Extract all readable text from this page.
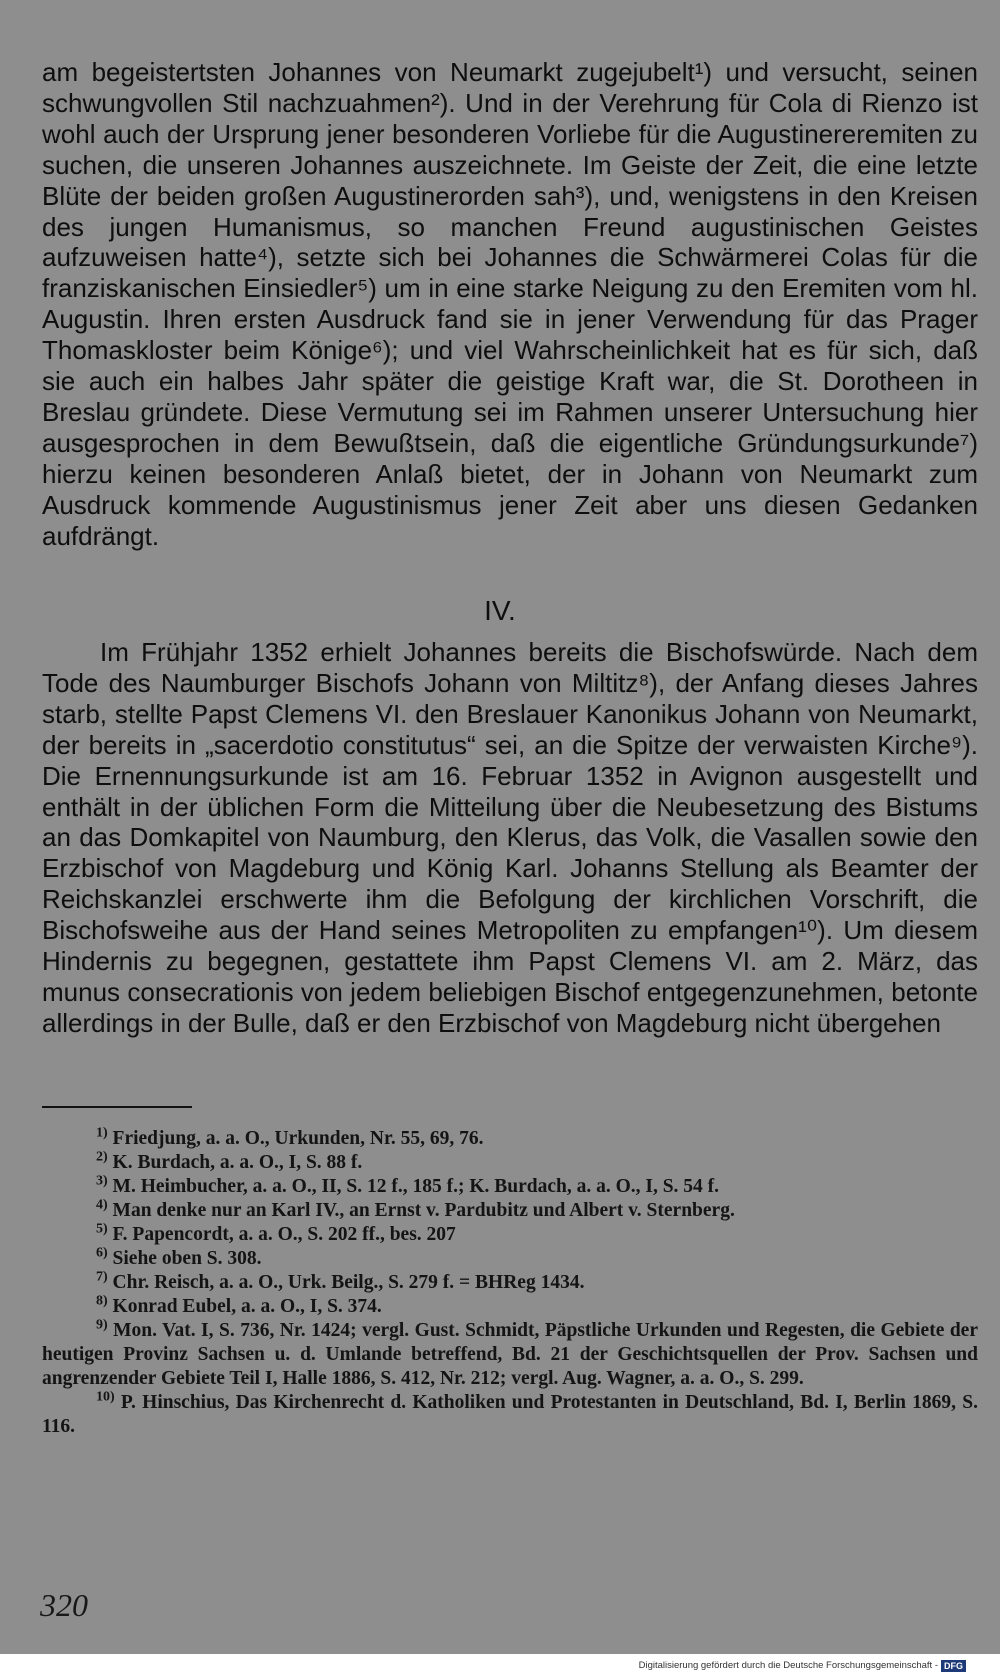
am begeistertsten Johannes von Neumarkt zugejubelt¹) und versucht, seinen schwungvollen Stil nachzuahmen²). Und in der Verehrung für Cola di Rienzo ist wohl auch der Ursprung jener besonderen Vorliebe für die Augustinereremiten zu suchen, die unseren Johannes auszeichnete. Im Geiste der Zeit, die eine letzte Blüte der beiden großen Augustinerorden sah³), und, wenigstens in den Kreisen des jungen Humanismus, so manchen Freund augustinischen Geistes aufzuweisen hatte⁴), setzte sich bei Johannes die Schwärmerei Colas für die franziskanischen Einsiedler⁵) um in eine starke Neigung zu den Eremiten vom hl. Augustin. Ihren ersten Ausdruck fand sie in jener Verwendung für das Prager Thomaskloster beim Könige⁶); und viel Wahrscheinlichkeit hat es für sich, daß sie auch ein halbes Jahr später die geistige Kraft war, die St. Dorotheen in Breslau gründete. Diese Vermutung sei im Rahmen unserer Untersuchung hier ausgesprochen in dem Bewußtsein, daß die eigentliche Gründungsurkunde⁷) hierzu keinen besonderen Anlaß bietet, der in Johann von Neumarkt zum Ausdruck kommende Augustinismus jener Zeit aber uns diesen Gedanken aufdrängt.

IV.

Im Frühjahr 1352 erhielt Johannes bereits die Bischofswürde. Nach dem Tode des Naumburger Bischofs Johann von Miltitz⁸), der Anfang dieses Jahres starb, stellte Papst Clemens VI. den Breslauer Kanonikus Johann von Neumarkt, der bereits in „sacerdotio constitutus“ sei, an die Spitze der verwaisten Kirche⁹). Die Ernennungsurkunde ist am 16. Februar 1352 in Avignon ausgestellt und enthält in der üblichen Form die Mitteilung über die Neubesetzung des Bistums an das Domkapitel von Naumburg, den Klerus, das Volk, die Vasallen sowie den Erzbischof von Magdeburg und König Karl. Johanns Stellung als Beamter der Reichskanzlei erschwerte ihm die Befolgung der kirchlichen Vorschrift, die Bischofsweihe aus der Hand seines Metropoliten zu empfangen¹⁰). Um diesem Hindernis zu begegnen, gestattete ihm Papst Clemens VI. am 2. März, das munus consecrationis von jedem beliebigen Bischof entgegenzunehmen, betonte allerdings in der Bulle, daß er den Erzbischof von Magdeburg nicht übergehen

$^{1)}$ Friedjung, a. a. O., Urkunden, Nr. 55, 69, 76.
$^{2)}$ K. Burdach, a. a. O., I, S. 88 f.
$^{3)}$ M. Heimbucher, a. a. O., II, S. 12 f., 185 f.; K. Burdach, a. a. O., I, S. 54 f.
$^{4)}$ Man denke nur an Karl IV., an Ernst v. Pardubitz und Albert v. Sternberg.
$^{5)}$ F. Papencordt, a. a. O., S. 202 ff., bes. 207
$^{6)}$ Siehe oben S. 308.
$^{7)}$ Chr. Reisch, a. a. O., Urk. Beilg., S. 279 f. = BHReg 1434.
$^{8)}$ Konrad Eubel, a. a. O., I, S. 374.
$^{9)}$ Mon. Vat. I, S. 736, Nr. 1424; vergl. Gust. Schmidt, Päpstliche Urkunden und Regesten, die Gebiete der heutigen Provinz Sachsen u. d. Umlande betreffend, Bd. 21 der Geschichtsquellen der Prov. Sachsen und angrenzender Gebiete Teil I, Halle 1886, S. 412, Nr. 212; vergl. Aug. Wagner, a. a. O., S. 299.
$^{10)}$ P. Hinschius, Das Kirchenrecht d. Katholiken und Protestanten in Deutschland, Bd. I, Berlin 1869, S. 116.
320
Digitalisierung gefördert durch die Deutsche Forschungsgemeinschaft - DFG
